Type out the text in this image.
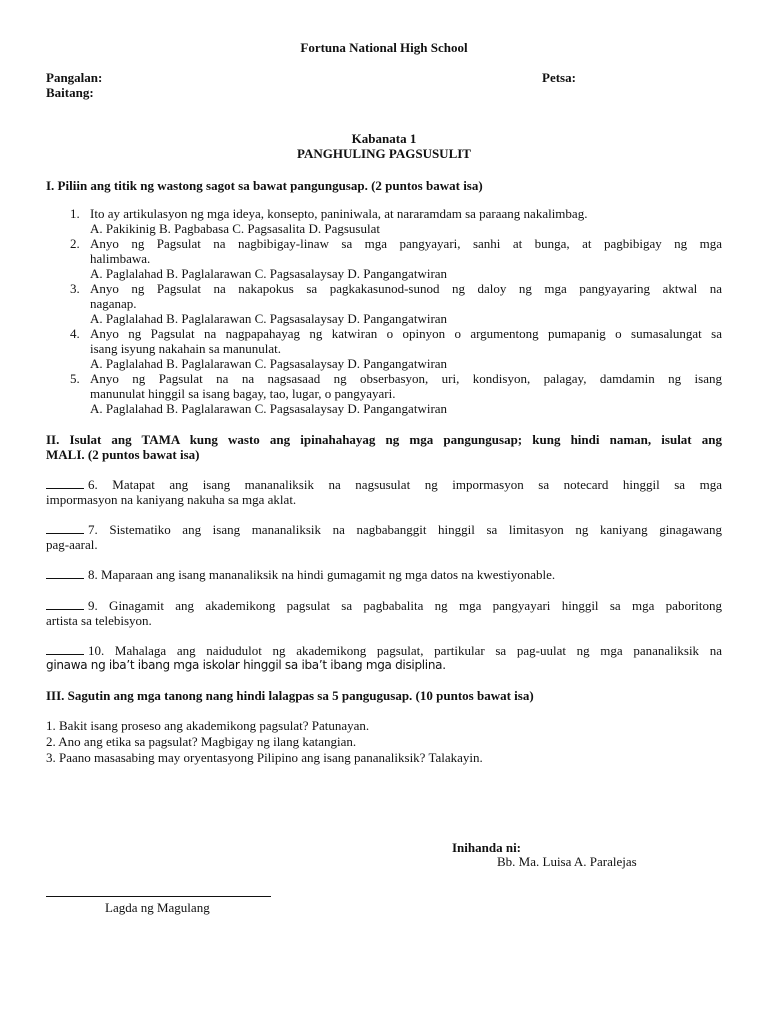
Fortuna National High School
Pangalan:	Petsa:
Baitang:
Kabanata 1
PANGHULING PAGSUSULIT
I. Piliin ang titik ng wastong sagot sa bawat pangungusap. (2 puntos bawat isa)
1. Ito ay artikulasyon ng mga ideya, konsepto, paniniwala, at nararamdam sa paraang nakalimbag.
A. Pakikinig B. Pagbabasa C. Pagsasalita D. Pagsusulat
2. Anyo ng Pagsulat na nagbibigay-linaw sa mga pangyayari, sanhi at bunga, at pagbibigay ng mga
halimbawa.
A. Paglalahad B. Paglalarawan C. Pagsasalaysay D. Pangangatwiran
3. Anyo ng Pagsulat na nakapokus sa pagkakasunod-sunod ng daloy ng mga pangyayaring aktwal na
naganap.
A. Paglalahad B. Paglalarawan C. Pagsasalaysay D. Pangangatwiran
4. Anyo ng Pagsulat na nagpapahayag ng katwiran o opinyon o argumentong pumapanig o sumasalungat sa
isang isyung nakahain sa manunulat.
A. Paglalahad B. Paglalarawan C. Pagsasalaysay D. Pangangatwiran
5. Anyo ng Pagsulat na na nagsasaad ng obserbasyon, uri, kondisyon, palagay, damdamin ng isang
manunulat hinggil sa isang bagay, tao, lugar, o pangyayari.
A. Paglalahad B. Paglalarawan C. Pagsasalaysay D. Pangangatwiran
II. Isulat ang TAMA kung wasto ang ipinahahayag ng mga pangungusap; kung hindi naman, isulat ang
MALI. (2 puntos bawat isa)
6. Matapat ang isang mananaliksik na nagsusulat ng impormasyon sa notecard hinggil sa mga
impormasyon na kaniyang nakuha sa mga aklat.
7. Sistematiko ang isang mananaliksik na nagbabanggit hinggil sa limitasyon ng kaniyang ginagawang
pag-aaral.
8. Maparaan ang isang mananaliksik na hindi gumagamit ng mga datos na kwestiyonable.
9. Ginagamit ang akademikong pagsulat sa pagbabalita ng mga pangyayari hinggil sa mga paboritong
artista sa telebisyon.
10. Mahalaga ang naidudulot ng akademikong pagsulat, partikular sa pag-uulat ng mga pananaliksik na
ginawa ng iba’t ibang mga iskolar hinggil sa iba’t ibang mga disiplina.
III. Sagutin ang mga tanong nang hindi lalagpas sa 5 pangugusap. (10 puntos bawat isa)
1. Bakit isang proseso ang akademikong pagsulat? Patunayan.
2. Ano ang etika sa pagsulat? Magbigay ng ilang katangian.
3. Paano masasabing may oryentasyong Pilipino ang isang pananaliksik? Talakayin.
Inihanda ni:
Bb. Ma. Luisa A. Paralejas
Lagda ng Magulang
